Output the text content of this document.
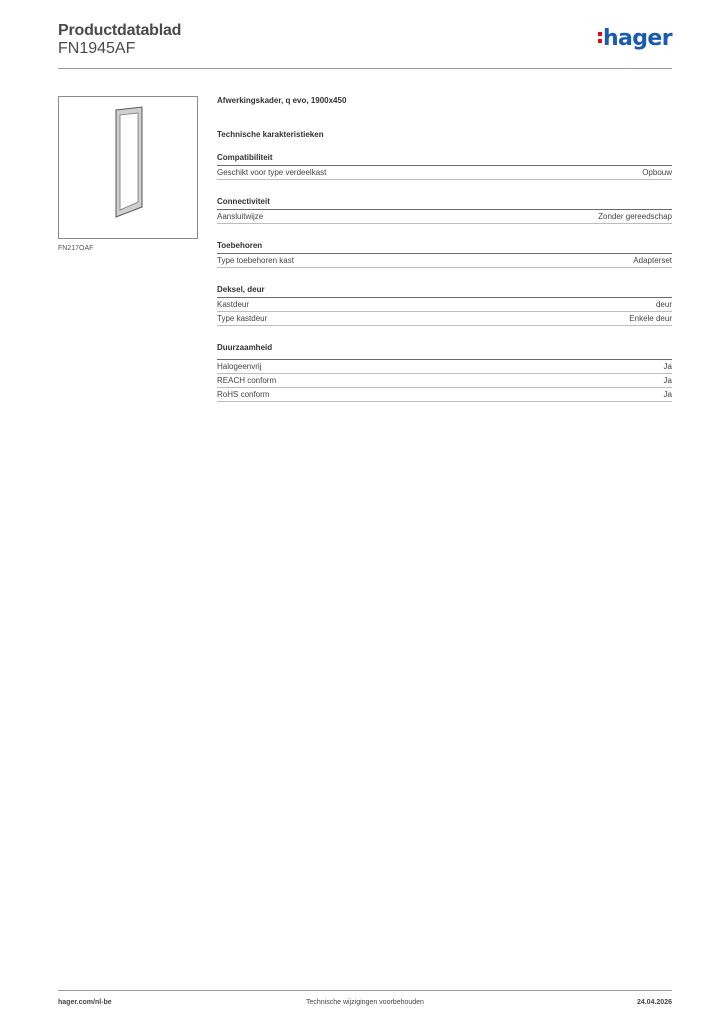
Productdatablad
FN1945AF	hager
FN217OAF
Afwerkingskader, q evo, 1900x450
Technische karakteristieken
Compatibiliteit
Geschikt voor type verdeelkast	Opbouw
Connectiviteit
Aansluitwijze	Zonder gereedschap
Toebehoren
Type toebehoren kast	Adapterset
Deksel, deur
Kastdeur	deur
Type kastdeur	Enkele deur
Duurzaamheid
Halogeenvrij	Ja
REACH conform	Ja
RoHS conform	Ja
hager.com/nl-be	Technische wijzigingen voorbehouden	24.04.2026
